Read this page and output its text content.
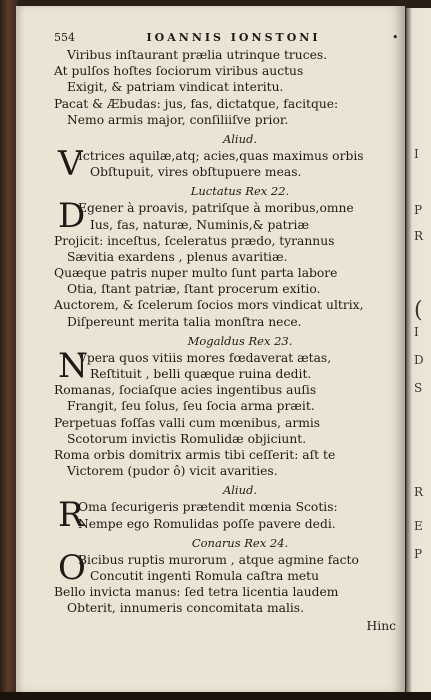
554	IOANNIS IONSTONI	•
Viribus inſtaurant prælia utrinque truces.
At pulſos hoſtes ſociorum viribus auctus
Exigit, & patriam vindicat interitu.
Pacat & Æbudas: jus, fas, dictatque, facitque:
Nemo armis major, conſiliiſve prior.
Aliud.
V
Ictrices aquilæ,atq; acies,quas maximus orbis
Obſtupuit, vires obſtupuere meas.
Luctatus Rex 22.
D
Egener à proavis, patriſque à moribus,omne
Ius, fas, naturæ, Numinis,& patriæ
Projicit: inceſtus, ſceleratus prædo, tyrannus
Sævitia exardens , plenus avaritiæ.
Quæque patris nuper multo ſunt parta labore
Otia, ſtant patriæ, ſtant procerum exitio.
Auctorem, & ſcelerum ſocios mors vindicat ultrix,
Diſpereunt merita talia monſtra nece.
Mogaldus Rex 23.
N
Vpera quos vitiis mores fœdaverat ætas,
Reſtituit , belli quæque ruina dedit.
Romanas, ſociaſque acies ingentibus auſis
Frangit, ſeu ſolus, ſeu ſocia arma præit.
Perpetuas foſſas valli cum mœnibus, armis
Scotorum invictis Romulidæ objiciunt.
Roma orbis domitrix armis tibi ceſſerit: aſt te
Victorem (pudor ô) vicit avarities.
Aliud.
R
Oma ſecurigeris prætendit mœnia Scotis:
Nempe ego Romulidas poſſe pavere dedi.
Conarus Rex 24.
O
Bicibus ruptis murorum , atque agmine facto
Concutit ingenti Romula caſtra metu
Bello invicta manus: ſed tetra licentia laudem
Obterit, innumeris concomitata malis.
Hinc
I
P
R
(
I
D
S
R
E
P
